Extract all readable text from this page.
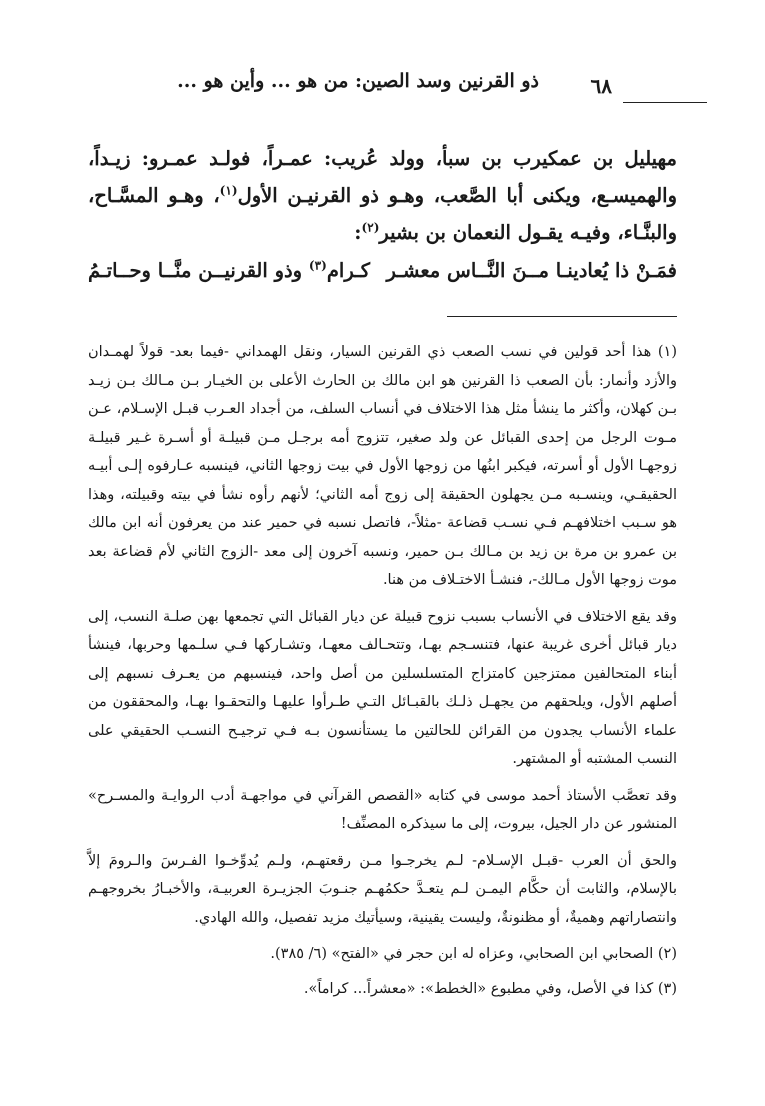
ذو القرنين وسد الصين: من هو ... وأين هو ...	٦٨

مهيليل بن عمكيرب بن سبأ، وولد عُريب: عمـراً، فولـد عمـرو: زيـداً، والهميسـع، ويكنى أبا الصَّعب، وهـو ذو القرنيـن الأول$^{(١)}$، وهـو المسَّـاح، والبنَّـاء، وفيـه يقـول النعمان بن بشير$^{(٢)}$:

فمَـنْ ذا يُعادينـا مــنَ النَّــاس معشـر
كـرام$^{(٣)}$ وذو القرنيــن منَّــا وحــاتـمُ

(١) هذا أحد قولين في نسب الصعب ذي القرنين السيار، ونقل الهمداني -فيما بعد- قولاً لهمـدان والأزد وأنمار: بأن الصعب ذا القرنين هو ابن مالك بن الحارث الأعلى بن الخيـار بـن مـالك بـن زيـد بـن كهلان، وأكثر ما ينشأ مثل هذا الاختلاف في أنساب السلف، من أجداد العـرب قبـل الإسـلام، عـن مـوت الرجل من إحدى القبائل عن ولد صغير، تتزوج أمه برجـل مـن قبيلـة أو أسـرة غـير قبيلـة زوجهـا الأول أو أسرته، فيكبر ابنُها من زوجها الأول في بيت زوجها الثاني، فينسبه عـارفوه إلـى أبيـه الحقيقـي، وينسـبه مـن يجهلون الحقيقة إلى زوج أمه الثاني؛ لأنهم رأوه نشأ في بيته وقبيلته، وهذا هو سـبب اختلافهـم فـي نسـب قضاعة -مثلاً-، فاتصل نسبه في حمير عند من يعرفون أنه ابن مالك بن عمرو بن مرة بن زيد بن مـالك بـن حمير، ونسبه آخرون إلى معد -الزوج الثاني لأم قضاعة بعد موت زوجها الأول مـالك-، فنشـأ الاختـلاف من هنا.

وقد يقع الاختلاف في الأنساب بسبب نزوح قبيلة عن ديار القبائل التي تجمعها بهن صلـة النسب، إلى ديار قبائل أخرى غريبة عنها، فتنسـجم بهـا، وتتحـالف معهـا، وتشـاركها فـي سلـمها وحربها، فينشأ أبناء المتحالفين ممتزجين كامتزاج المتسلسلين من أصل واحد، فينسبهم من يعـرف نسبهم إلى أصلهم الأول، ويلحقهم من يجهـل ذلـك بالقبـائل التـي طـرأوا عليهـا والتحقـوا بهـا، والمحققون من علماء الأنساب يجدون من القرائن للحالتين ما يستأنسون بـه فـي ترجيـح النسـب الحقيقي على النسب المشتبه أو المشتهر.

وقد تعصَّب الأستاذ أحمد موسى في كتابه «القصص القرآني في مواجهـة أدب الروايـة والمسـرح» المنشور عن دار الجيل، بيروت، إلى ما سيذكره المصنِّف!

والحق أن العرب -قبـل الإسـلام- لـم يخرجـوا مـن رقعتهـم، ولـم يُدوِّخـوا الفـرسَ والـرومَ إلاَّ بالإسلام، والثابت أن حكَّام اليمـن لـم يتعـدَّ حكمُهـم جنـوبَ الجزيـرة العربيـة، والأخبـارُ بخروجهـم وانتصاراتهم وهميةٌ، أو مظنونةٌ، وليست يقينية، وسيأتيك مزيد تفصيل، والله الهادي.

(٢) الصحابي ابن الصحابي، وعزاه له ابن حجر في «الفتح» (٦/ ٣٨٥).

(٣) كذا في الأصل، وفي مطبوع «الخطط»: «معشراً... كراماً».
